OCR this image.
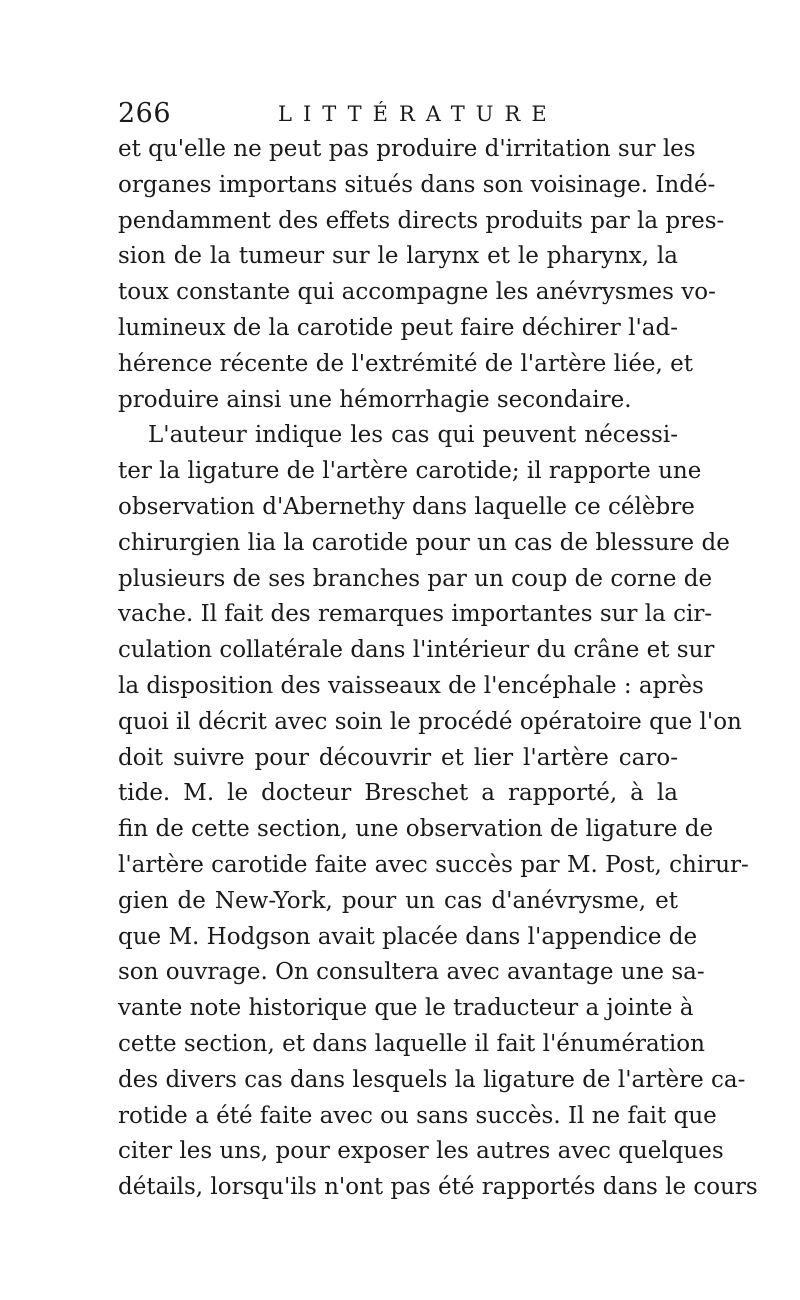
266	LITTÉRATURE
et qu'elle ne peut pas produire d'irritation sur les
organes importans situés dans son voisinage. Indé-
pendamment des effets directs produits par la pres-
sion de la tumeur sur le larynx et le pharynx, la
toux constante qui accompagne les anévrysmes vo-
lumineux de la carotide peut faire déchirer l'ad-
hérence récente de l'extrémité de l'artère liée, et
produire ainsi une hémorrhagie secondaire.
L'auteur indique les cas qui peuvent nécessi-
ter la ligature de l'artère carotide; il rapporte une
observation d'Abernethy dans laquelle ce célèbre
chirurgien lia la carotide pour un cas de blessure de
plusieurs de ses branches par un coup de corne de
vache. Il fait des remarques importantes sur la cir-
culation collatérale dans l'intérieur du crâne et sur
la disposition des vaisseaux de l'encéphale : après
quoi il décrit avec soin le procédé opératoire que l'on
doit suivre pour découvrir et lier l'artère caro-
tide. M. le docteur Breschet a rapporté, à la
fin de cette section, une observation de ligature de
l'artère carotide faite avec succès par M. Post, chirur-
gien de New-York, pour un cas d'anévrysme, et
que M. Hodgson avait placée dans l'appendice de
son ouvrage. On consultera avec avantage une sa-
vante note historique que le traducteur a jointe à
cette section, et dans laquelle il fait l'énumération
des divers cas dans lesquels la ligature de l'artère ca-
rotide a été faite avec ou sans succès. Il ne fait que
citer les uns, pour exposer les autres avec quelques
détails, lorsqu'ils n'ont pas été rapportés dans le cours
